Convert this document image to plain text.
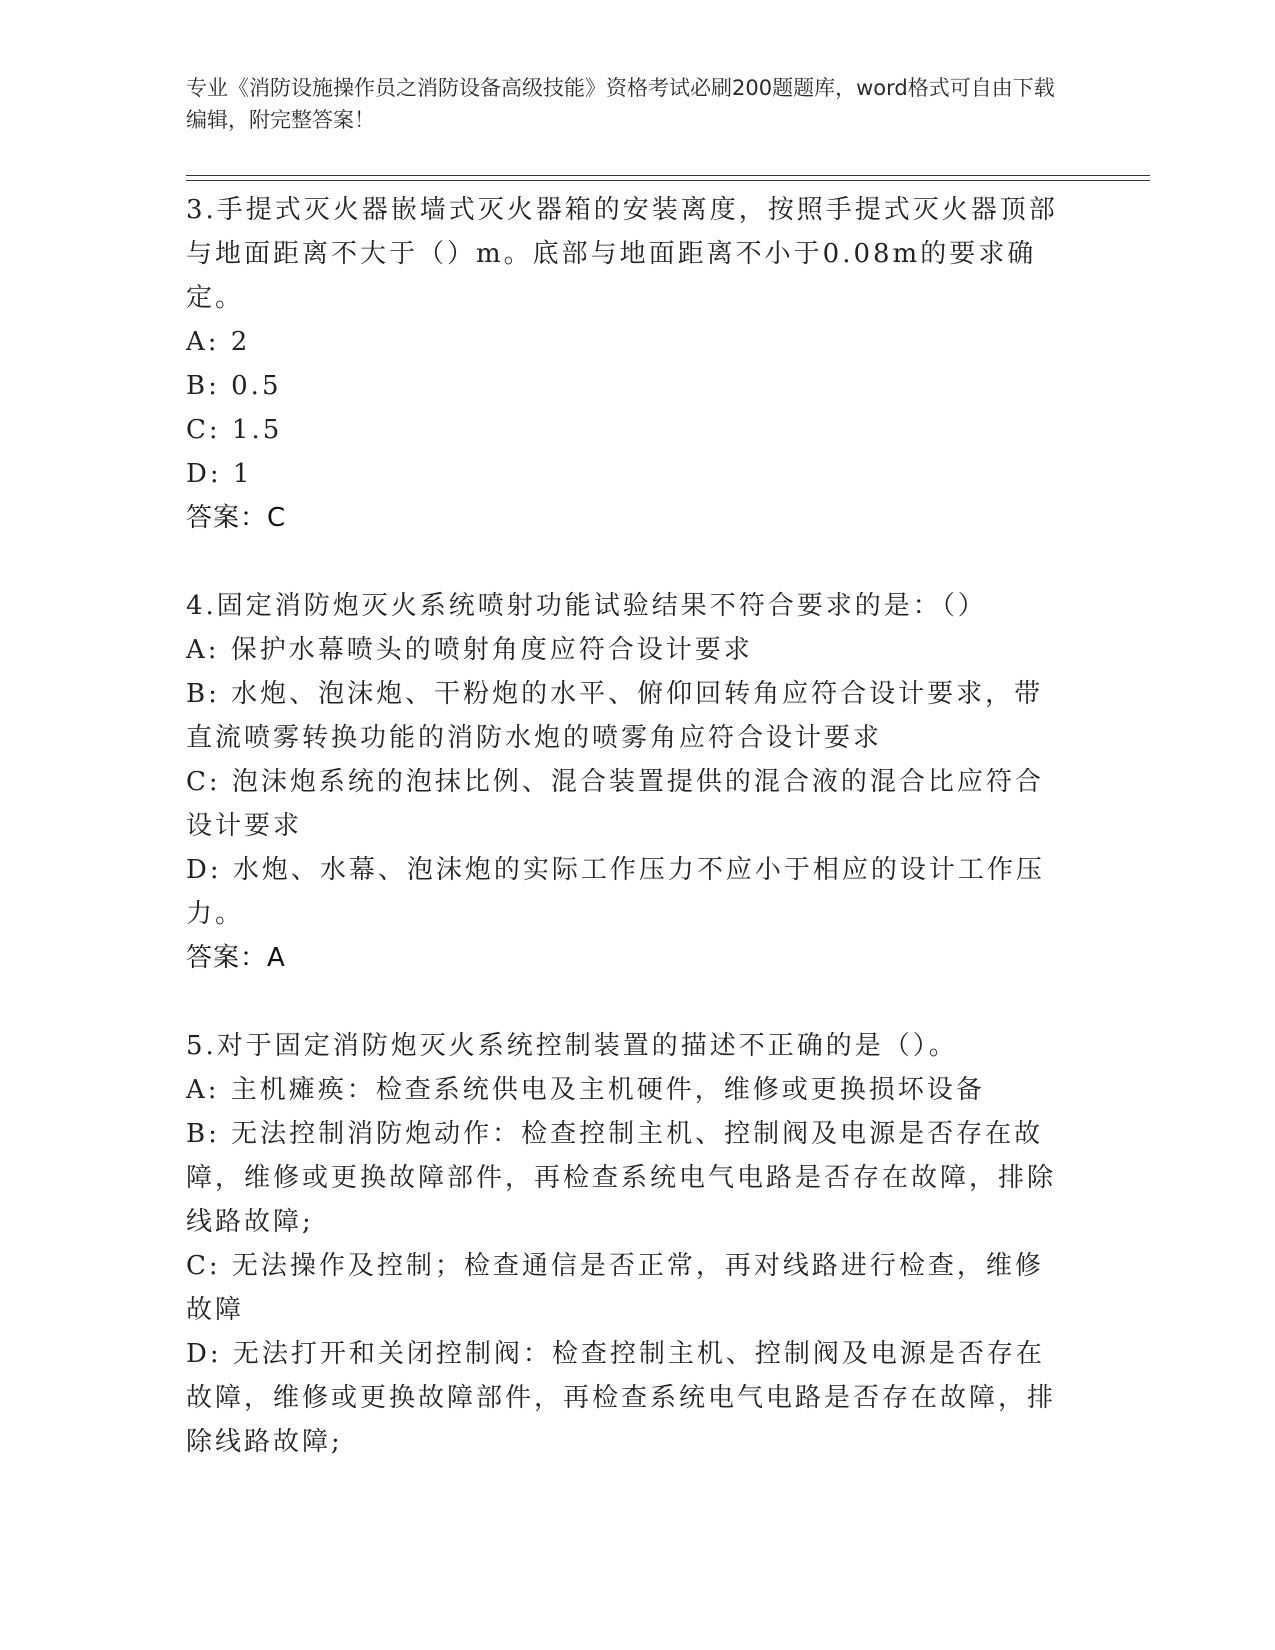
专业《消防设施操作员之消防设备高级技能》资格考试必刷200题题库，word格式可自由下载编辑，附完整答案！
3.手提式灭火器嵌墙式灭火器箱的安装离度，按照手提式灭火器顶部与地面距离不大于（）m。底部与地面距离不小于0.08m的要求确定。
A: 2
B: 0.5
C: 1.5
D: 1
答案：C
4.固定消防炮灭火系统喷射功能试验结果不符合要求的是：（）
A: 保护水幕喷头的喷射角度应符合设计要求
B: 水炮、泡沫炮、干粉炮的水平、俯仰回转角应符合设计要求，带直流喷雾转换功能的消防水炮的喷雾角应符合设计要求
C: 泡沫炮系统的泡抹比例、混合装置提供的混合液的混合比应符合设计要求
D: 水炮、水幕、泡沫炮的实际工作压力不应小于相应的设计工作压力。
答案：A
5.对于固定消防炮灭火系统控制装置的描述不正确的是（）。
A: 主机瘫痪：检查系统供电及主机硬件，维修或更换损坏设备
B: 无法控制消防炮动作：检查控制主机、控制阀及电源是否存在故障，维修或更换故障部件，再检查系统电气电路是否存在故障，排除线路故障;
C: 无法操作及控制；检查通信是否正常，再对线路进行检查，维修故障
D: 无法打开和关闭控制阀：检查控制主机、控制阀及电源是否存在故障，维修或更换故障部件，再检查系统电气电路是否存在故障，排除线路故障;
